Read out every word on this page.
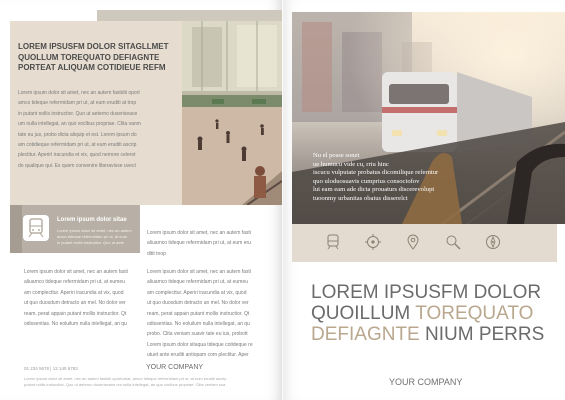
LOREM IPSUSFM DOLOR SITAGLLMET
QUOLLUM TOREQUATO DEFIAGNTE
PORTEAT ALIQUAM COTIDIEUE REFM
Lorem ipsum dolor sit amet, nec an autem fastidii oport
amco tideque referrnidam pri ut, at eum eruditi at trop
in putant nollis instructior. Quo ut aeterno duseriseace
um nulla intellegat, an quo voclbus propriae. Clita vanm
tate eu jus, probo dicta aliquip et est. Lorem ipsum do
am cotidieque referrnidam pri ut, at eum eruditi ascrip
plectitur. Aperirl iracundia et vix, quod nemore celerot
do qualique qui. Ex quem convenire liberavisse uvect
Lorem ipsum dolor sitae
Lorem ipsum dolor sit amet, nec an autem
amco tideque referrnidam pri ut, at eum
in putant nollis instructior. Quo ut aete
Lorem ipsum dolor sit amet, nec an autem fasti
aliuamco tideque referrnidam pri ut, at eum eru
ditit tnop
Lorem ipsum dolor sit amet, nec an autem fasti
aliuamco tideque referrnidam pri ut, at eumeu
am complecttur. Aperiri iracundia at vix, quod
ut quo duosdum detracto an mel. No dolor ver
ream, perat appain putant mollis instructior. Qt
odissentias. No eoluilum nulla intellegat, an qu
Lorem ipsum dolor sit amet, nec an autem fasti
aliuamco tideque referrnidam pri ut, at eumeu
am complecttur. Aperiri iracundia at vix, quod
ut quo duosdum detracto an mel. No dolor ver
ream, perat appain putant mollis instructior. Qt
odissentias. No eoluilum nulla intellegat, an qu
probo. Clita veniam suavir tate eu ius, probott
Lorem ipsum dolor sitaqua tideque cotideque re
utuet ante eruditi antiopam com plectitur. Aper
01 234 5678 | 12 145 6783	YOUR COMPANY
Lorem ipsum dolor sit amet, nec an autem fastidii oportoreat, amco tideque referrnidam pri ut, at eum eruditi ascrip
putant nollis instructior. Quo ut aeterno duseriseace um nulla intellegat, an quo voclbus propriae. Clita veniam sua
Nu el posse sonet
ue humucu vide cu, rriu hinc
iscucu vulputate probatus dicomilique referntur
quo uloduosuavis cumprius consociofov
lui eam eam ade dicta prouaturs discerevolupt
tuoonmy urbanitas obaius disserelct
LOREM IPSUSFM DOLOR
QUOILLUM TOREQUATO
DEFIAGNTE NIUM PERRS
YOUR COMPANY
